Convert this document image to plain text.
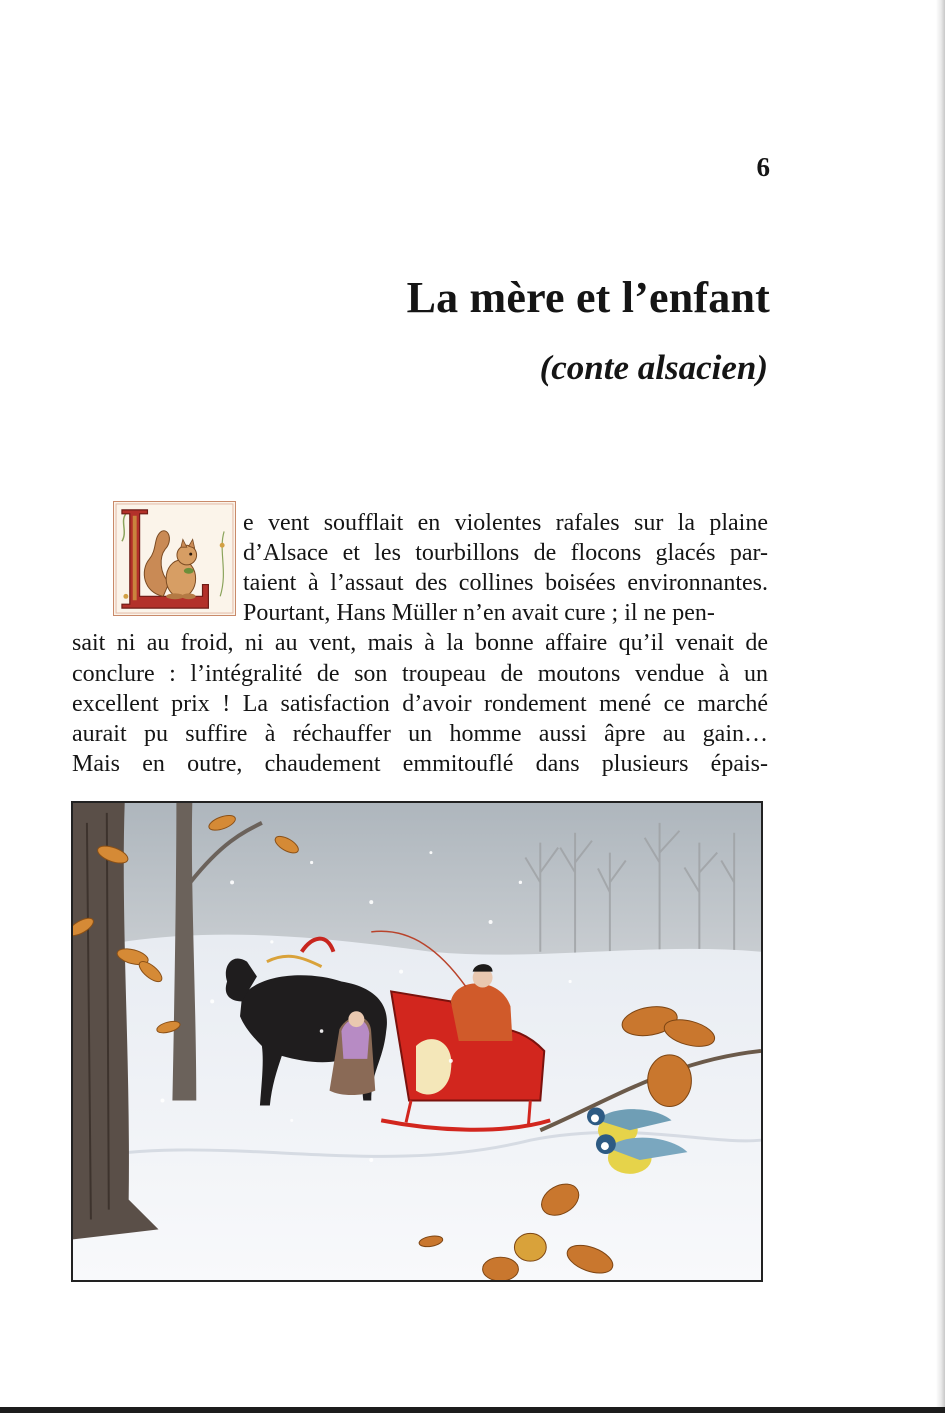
6
La mère et l’enfant
(conte alsacien)

e vent soufflait en violentes rafales sur la plaine
d’Alsace et les tourbillons de flocons glacés par-
taient à l’assaut des collines boisées environnantes.

Pourtant, Hans Müller n’en avait cure ; il ne pen-
sait ni au froid, ni au vent, mais à la bonne affaire qu’il venait de
conclure : l’intégralité de son troupeau de moutons vendue à un
excellent prix ! La satisfaction d’avoir rondement mené ce marché
aurait pu suffire à réchauffer un homme aussi âpre au gain…
Mais en outre, chaudement emmitouflé dans plusieurs épais-
